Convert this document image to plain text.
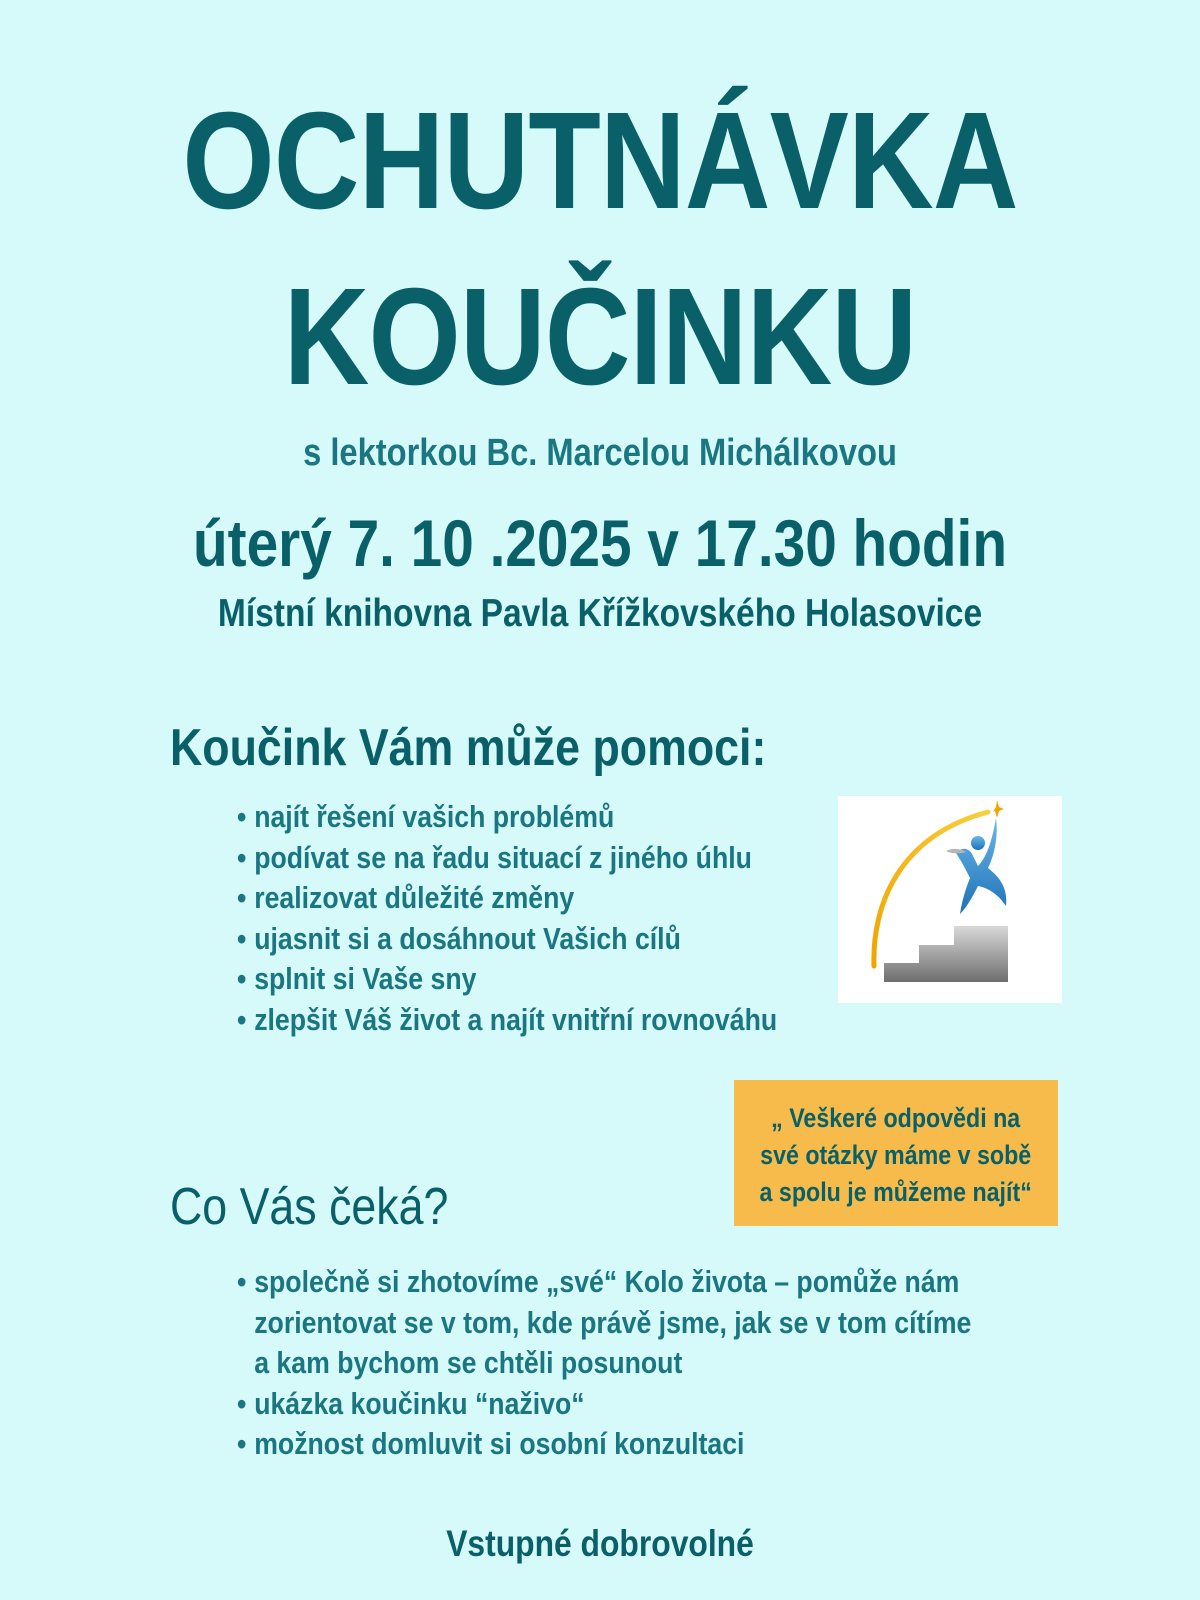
OCHUTNÁVKA
KOUČINKU
s lektorkou Bc. Marcelou Michálkovou
úterý 7. 10 .2025 v 17.30 hodin
Místní knihovna Pavla Křížkovského Holasovice
Koučink Vám může pomoci:
• najít řešení vašich problémů
• podívat se na řadu situací z jiného úhlu
• realizovat důležité změny
• ujasnit si a dosáhnout Vašich cílů
• splnit si Vaše sny
• zlepšit Váš život a najít vnitřní rovnováhu
„ Veškeré odpovědi na
své otázky máme v sobě
a spolu je můžeme najít“
Co Vás čeká?
• společně si zhotovíme „své“ Kolo života – pomůže nám
zorientovat se v tom, kde právě jsme, jak se v tom cítíme
a kam bychom se chtěli posunout
• ukázka koučinku “naživo“
• možnost domluvit si osobní konzultaci
Vstupné dobrovolné
